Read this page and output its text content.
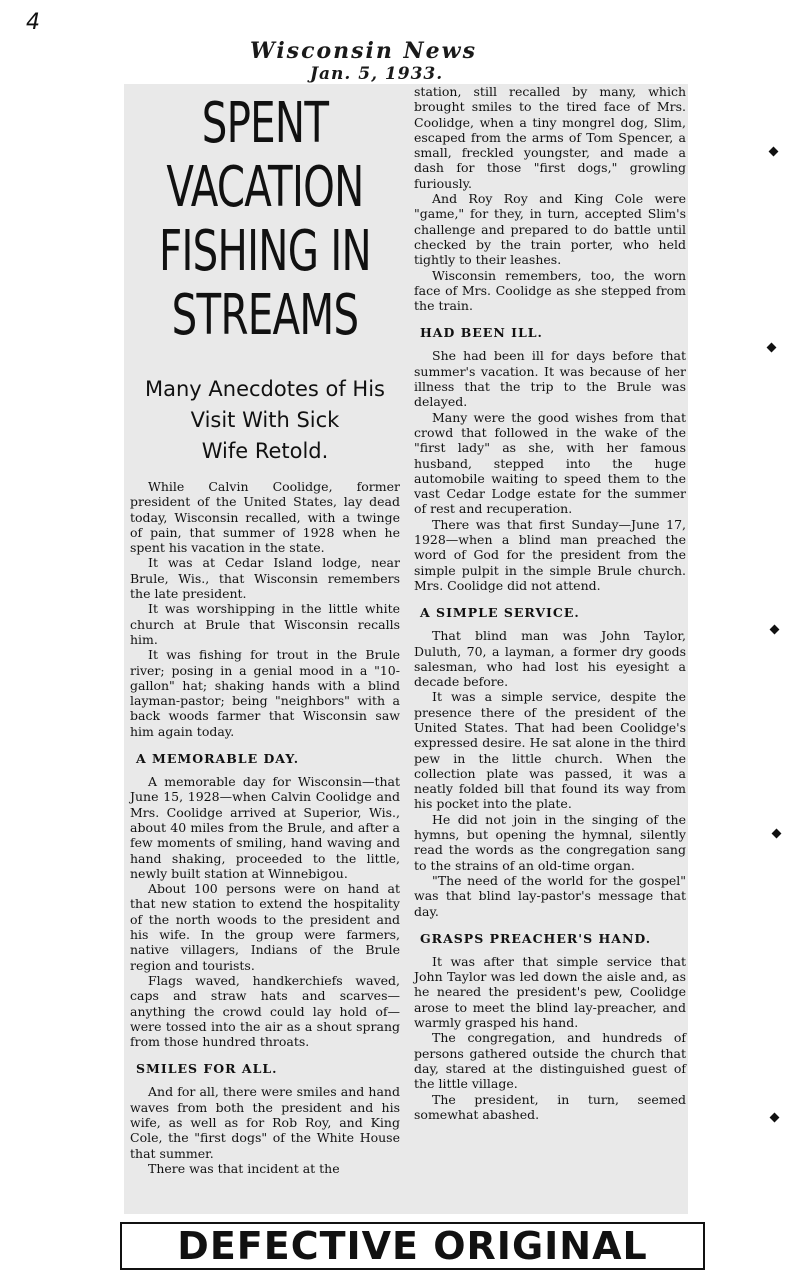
4
Wisconsin News
Jan. 5, 1933.
SPENT VACATION
FISHING IN
STREAMS
Many Anecdotes of His
Visit With Sick
Wife Retold.

While Calvin Coolidge, former president of the United States, lay dead today, Wisconsin recalled, with a twinge of pain, that summer of 1928 when he spent his vacation in the state.

It was at Cedar Island lodge, near Brule, Wis., that Wisconsin remembers the late president.

It was worshipping in the little white church at Brule that Wisconsin recalls him.

It was fishing for trout in the Brule river; posing in a genial mood in a "10-gallon" hat; shaking hands with a blind layman-pastor; being "neighbors" with a back woods farmer that Wisconsin saw him again today.

A MEMORABLE DAY.

A memorable day for Wisconsin—that June 15, 1928—when Calvin Coolidge and Mrs. Coolidge arrived at Superior, Wis., about 40 miles from the Brule, and after a few moments of smiling, hand waving and hand shaking, proceeded to the little, newly built station at Winnebigou.

About 100 persons were on hand at that new station to extend the hospitality of the north woods to the president and his wife. In the group were farmers, native villagers, Indians of the Brule region and tourists.

Flags waved, handkerchiefs waved, caps and straw hats and scarves—anything the crowd could lay hold of—were tossed into the air as a shout sprang from those hundred throats.

SMILES FOR ALL.

And for all, there were smiles and hand waves from both the president and his wife, as well as for Rob Roy, and King Cole, the "first dogs" of the White House that summer.

There was that incident at the

station, still recalled by many, which brought smiles to the tired face of Mrs. Coolidge, when a tiny mongrel dog, Slim, escaped from the arms of Tom Spencer, a small, freckled youngster, and made a dash for those "first dogs," growling furiously.

And Roy Roy and King Cole were "game," for they, in turn, accepted Slim's challenge and prepared to do battle until checked by the train porter, who held tightly to their leashes.

Wisconsin remembers, too, the worn face of Mrs. Coolidge as she stepped from the train.

HAD BEEN ILL.

She had been ill for days before that summer's vacation. It was because of her illness that the trip to the Brule was delayed.

Many were the good wishes from that crowd that followed in the wake of the "first lady" as she, with her famous husband, stepped into the huge automobile waiting to speed them to the vast Cedar Lodge estate for the summer of rest and recuperation.

There was that first Sunday—June 17, 1928—when a blind man preached the word of God for the president from the simple pulpit in the simple Brule church. Mrs. Coolidge did not attend.

A SIMPLE SERVICE.

That blind man was John Taylor, Duluth, 70, a layman, a former dry goods salesman, who had lost his eyesight a decade before.

It was a simple service, despite the presence there of the president of the United States. That had been Coolidge's expressed desire. He sat alone in the third pew in the little church. When the collection plate was passed, it was a neatly folded bill that found its way from his pocket into the plate.

He did not join in the singing of the hymns, but opening the hymnal, silently read the words as the congregation sang to the strains of an old-time organ.

"The need of the world for the gospel" was that blind lay-pastor's message that day.

GRASPS PREACHER'S HAND.

It was after that simple service that John Taylor was led down the aisle and, as he neared the president's pew, Coolidge arose to meet the blind lay-preacher, and warmly grasped his hand.

The congregation, and hundreds of persons gathered outside the church that day, stared at the distinguished guest of the little village.

The president, in turn, seemed somewhat abashed.

DEFECTIVE ORIGINAL
